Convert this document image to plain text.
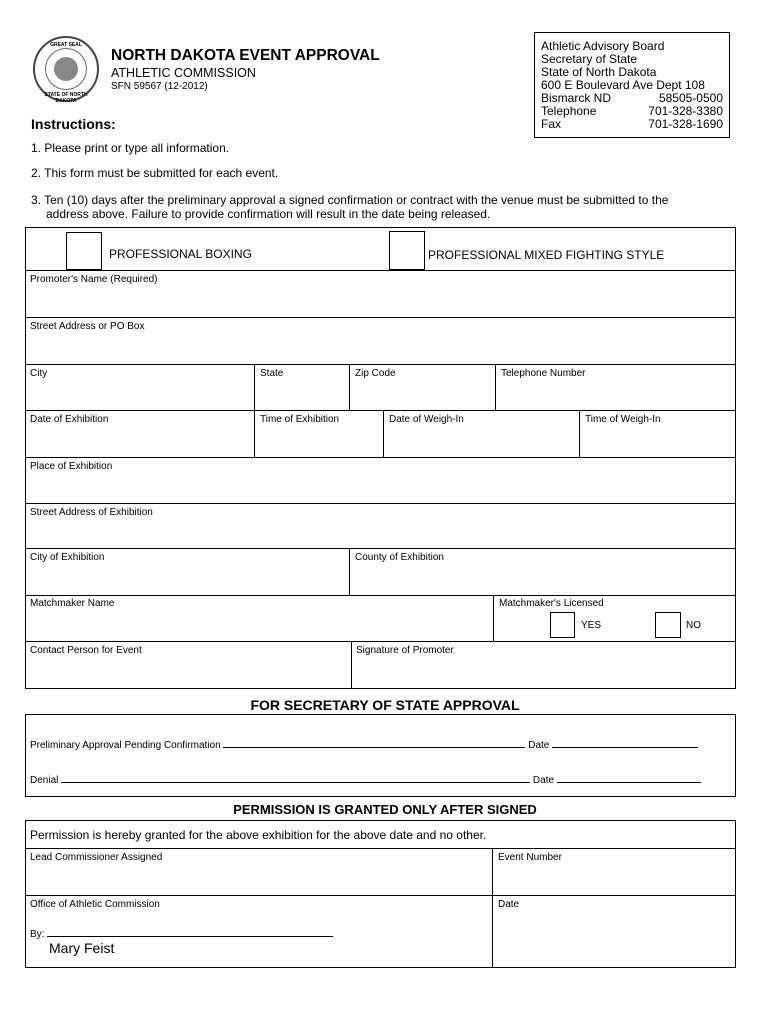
GREAT SEAL
STATE OF NORTH DAKOTA
NORTH DAKOTA EVENT APPROVAL
ATHLETIC COMMISSION
SFN 59567 (12-2012)
Athletic Advisory Board
Secretary of State
State of North Dakota
600 E Boulevard Ave Dept 108
Bismarck ND	58505-0500
Telephone	701-328-3380
Fax	701-328-1690
Instructions:
1. Please print or type all information.
2. This form must be submitted for each event.
3. Ten (10) days after the preliminary approval a signed confirmation or contract with the venue must be submitted to the
address above. Failure to provide confirmation will result in the date being released.
PROFESSIONAL BOXING	PROFESSIONAL MIXED FIGHTING STYLE
Promoter's Name (Required)
Street Address or PO Box
City	State	Zip Code	Telephone Number
Date of Exhibition	Time of Exhibition	Date of Weigh-In	Time of Weigh-In
Place of Exhibition
Street Address of Exhibition
City of Exhibition	County of Exhibition
Matchmaker Name	Matchmaker's Licensed
YES	NO
Contact Person for Event	Signature of Promoter
FOR SECRETARY OF STATE APPROVAL
Preliminary Approval Pending Confirmation	Date
Denial	Date
PERMISSION IS GRANTED ONLY AFTER SIGNED
Permission is hereby granted for the above exhibition for the above date and no other.
Lead Commissioner Assigned	Event Number
Office of Athletic Commission	Date
By:
Mary Feist
